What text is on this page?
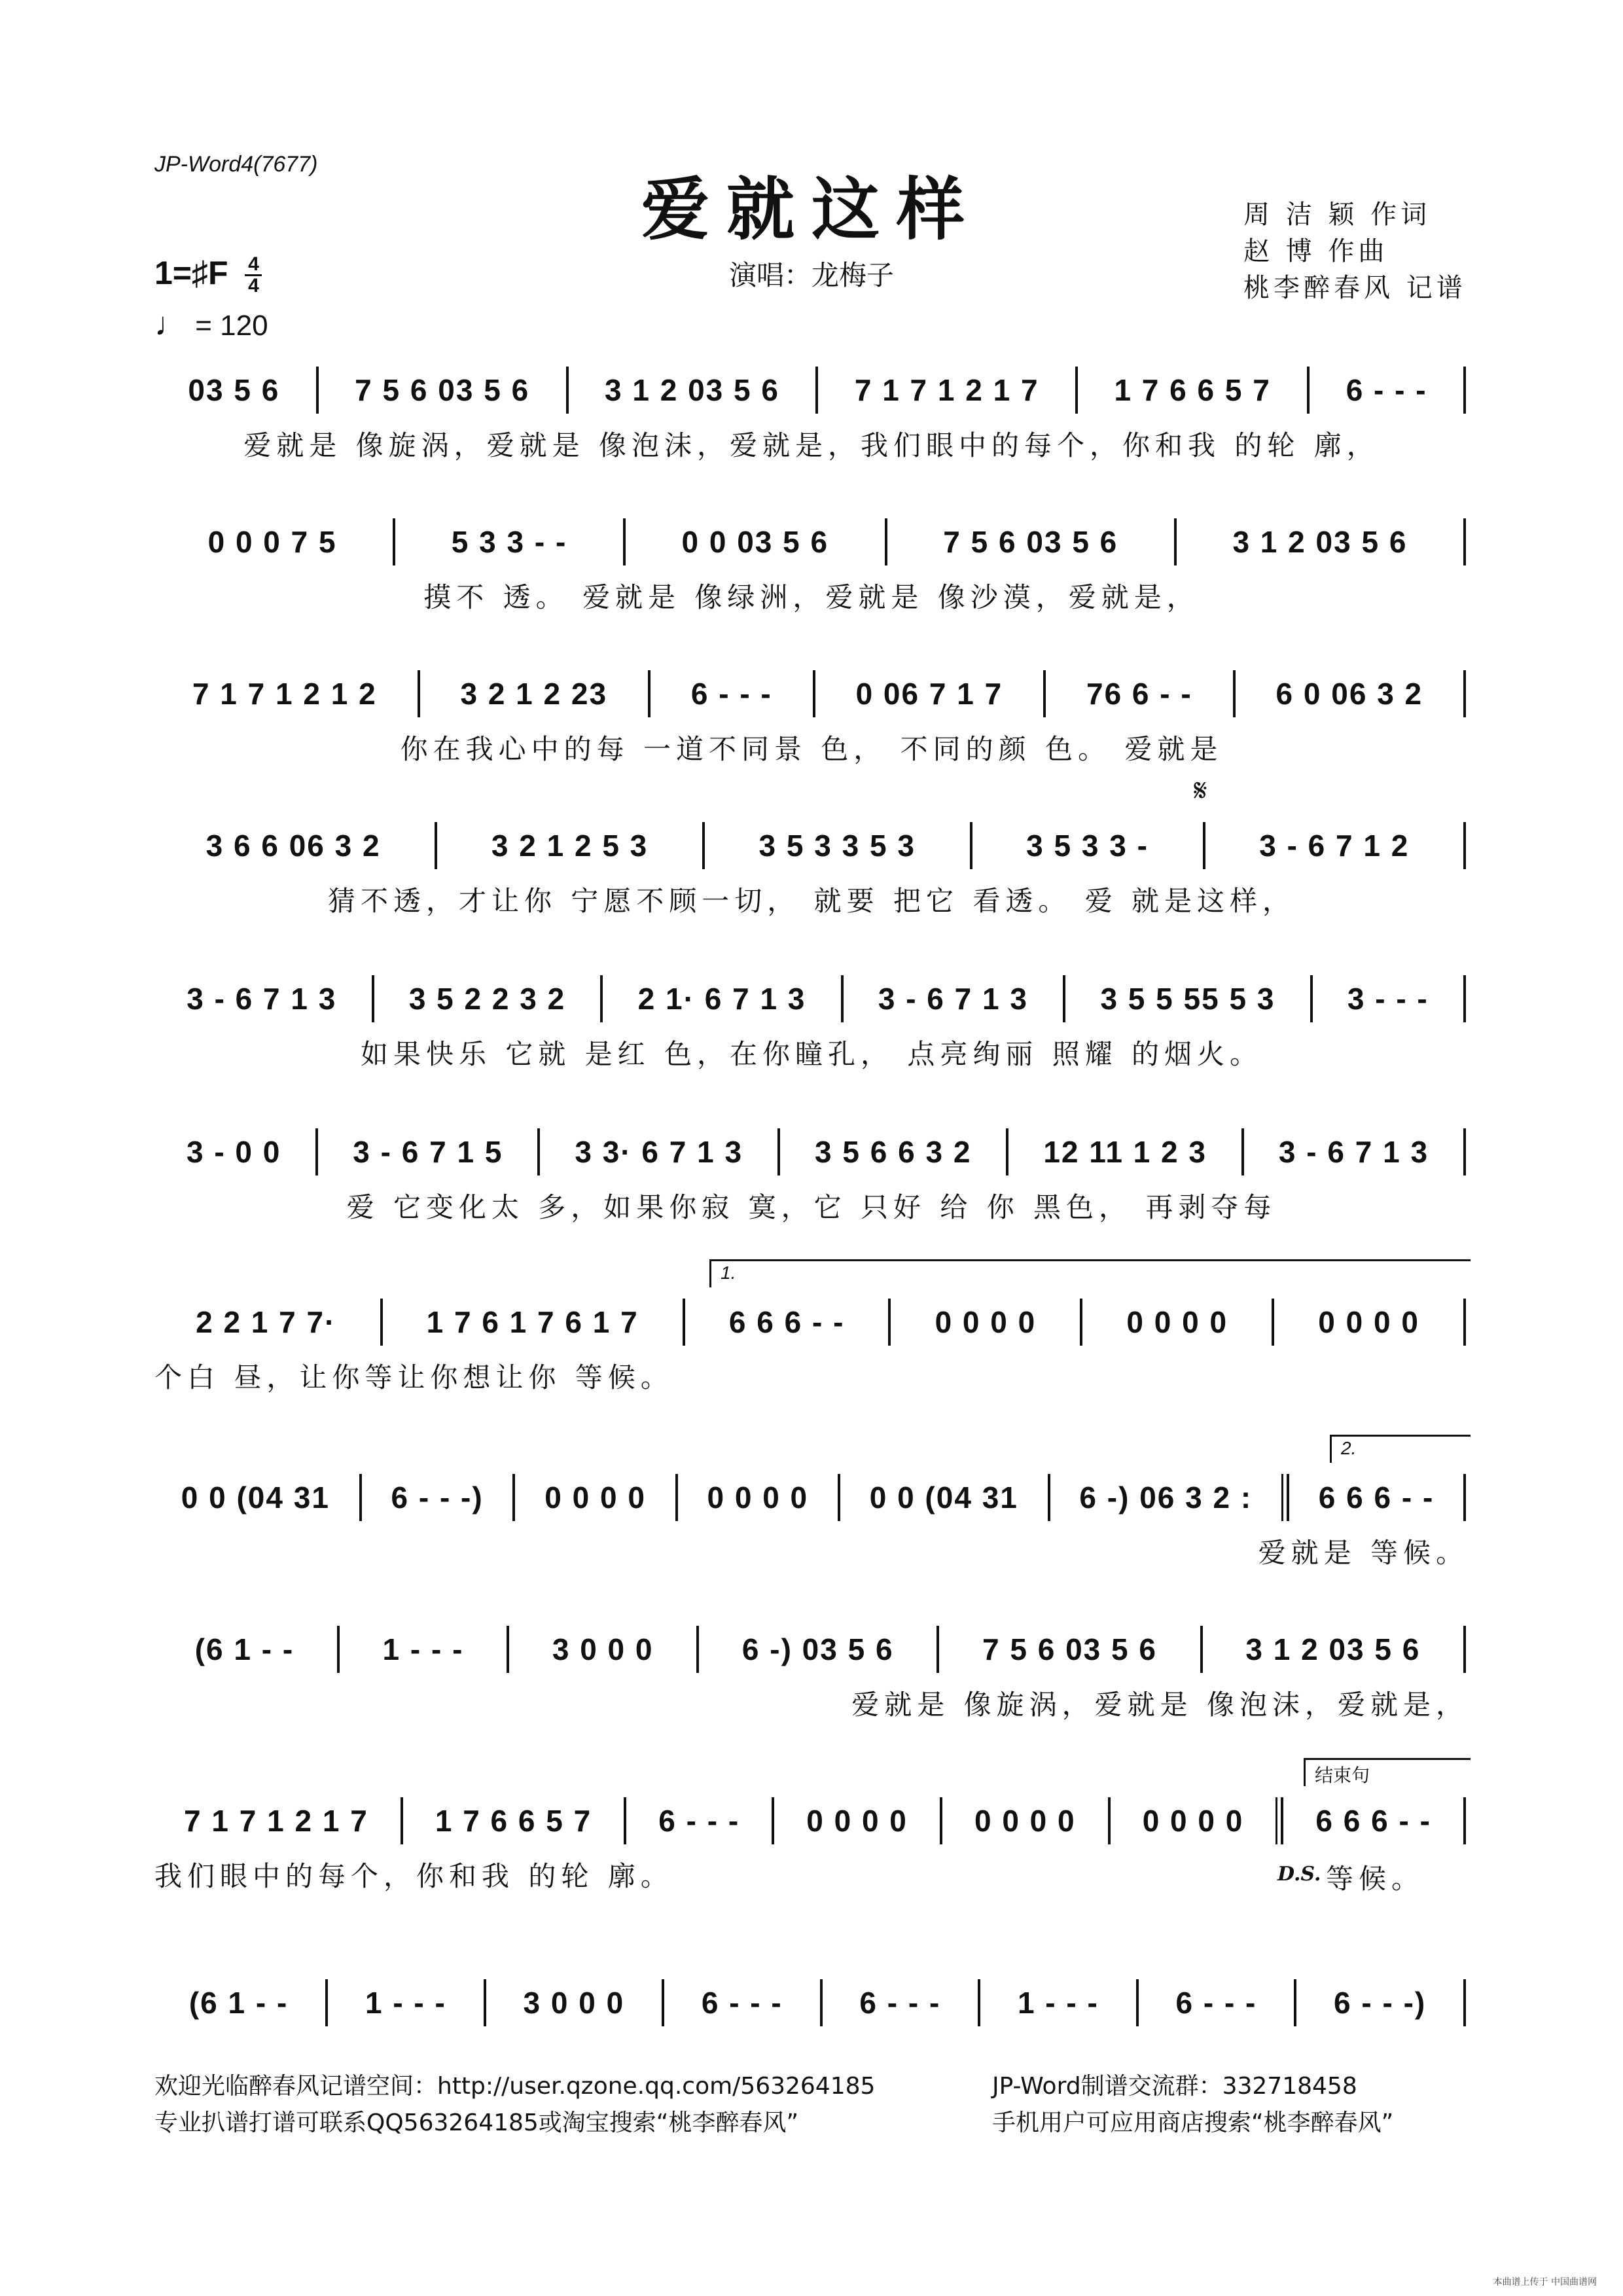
JP-Word4(7677)
爱就这样
演唱：龙梅子
周 洁 颖 作词
赵 博 作曲
桃李醉春风 记谱
1=♯F $\frac{4}{4}$
♩ = 120
03 5 6	7 5 6 03 5 6	3 1 2 03 5 6	7 1 7 1 2 1 7	1 7 6 6 5 7	6 - - -
爱就是 像旋涡，爱就是 像泡沫，爱就是，我们眼中的每个，你和我 的轮 廓，
0 0 0 7 5	5 3 3 - -	0 0 03 5 6	7 5 6 03 5 6	3 1 2 03 5 6
摸不 透。 爱就是 像绿洲，爱就是 像沙漠，爱就是，
7 1 7 1 2 1 2	3 2 1 2 23	6 - - -	0 06 7 1 7	76 6 - -	6 0 06 3 2
你在我心中的每 一道不同景 色， 不同的颜 色。 爱就是
3 6 6 06 3 2	3 2 1 2 5 3	3 5 3 3 5 3	3 5 3 3 -	3 - 6 7 1 2
猜不透，才让你 宁愿不顾一切， 就要 把它 看透。 爱 就是这样，
𝄋
3 - 6 7 1 3	3 5 2 2 3 2	2 1· 6 7 1 3	3 - 6 7 1 3	3 5 5 55 5 3	3 - - -
如果快乐 它就 是红 色，在你瞳孔， 点亮绚丽 照耀 的烟火。
3 - 0 0	3 - 6 7 1 5	3 3· 6 7 1 3	3 5 6 6 3 2	12 11 1 2 3	3 - 6 7 1 3
爱 它变化太 多，如果你寂 寞，它 只好 给 你 黑色， 再剥夺每
2 2 1 7 7·	1 7 6 1 7 6 1 7	6 6 6 - -	0 0 0 0	0 0 0 0	0 0 0 0
个白 昼，让你等让你想让你 等候。
1.
0 0 (04 31	6 - - -)	0 0 0 0	0 0 0 0	0 0 (04 31	6 -) 06 3 2 :	6 6 6 - -
爱就是 等候。
2.
(6 1 - -	1 - - -	3 0 0 0	6 -) 03 5 6	7 5 6 03 5 6	3 1 2 03 5 6
爱就是 像旋涡，爱就是 像泡沫，爱就是，
7 1 7 1 2 1 7	1 7 6 6 5 7	6 - - -	0 0 0 0	0 0 0 0	0 0 0 0	6 6 6 - -
我们眼中的每个，你和我 的轮 廓。
结束句
D.S. 等候。
(6 1 - -	1 - - -	3 0 0 0	6 - - -	6 - - -	1 - - -	6 - - -	6 - - -)
欢迎光临醉春风记谱空间：http://user.qzone.qq.com/563264185
专业扒谱打谱可联系QQ563264185或淘宝搜索“桃李醉春风”
JP-Word制谱交流群：332718458
手机用户可应用商店搜索“桃李醉春风”
本曲谱上传于 中国曲谱网
